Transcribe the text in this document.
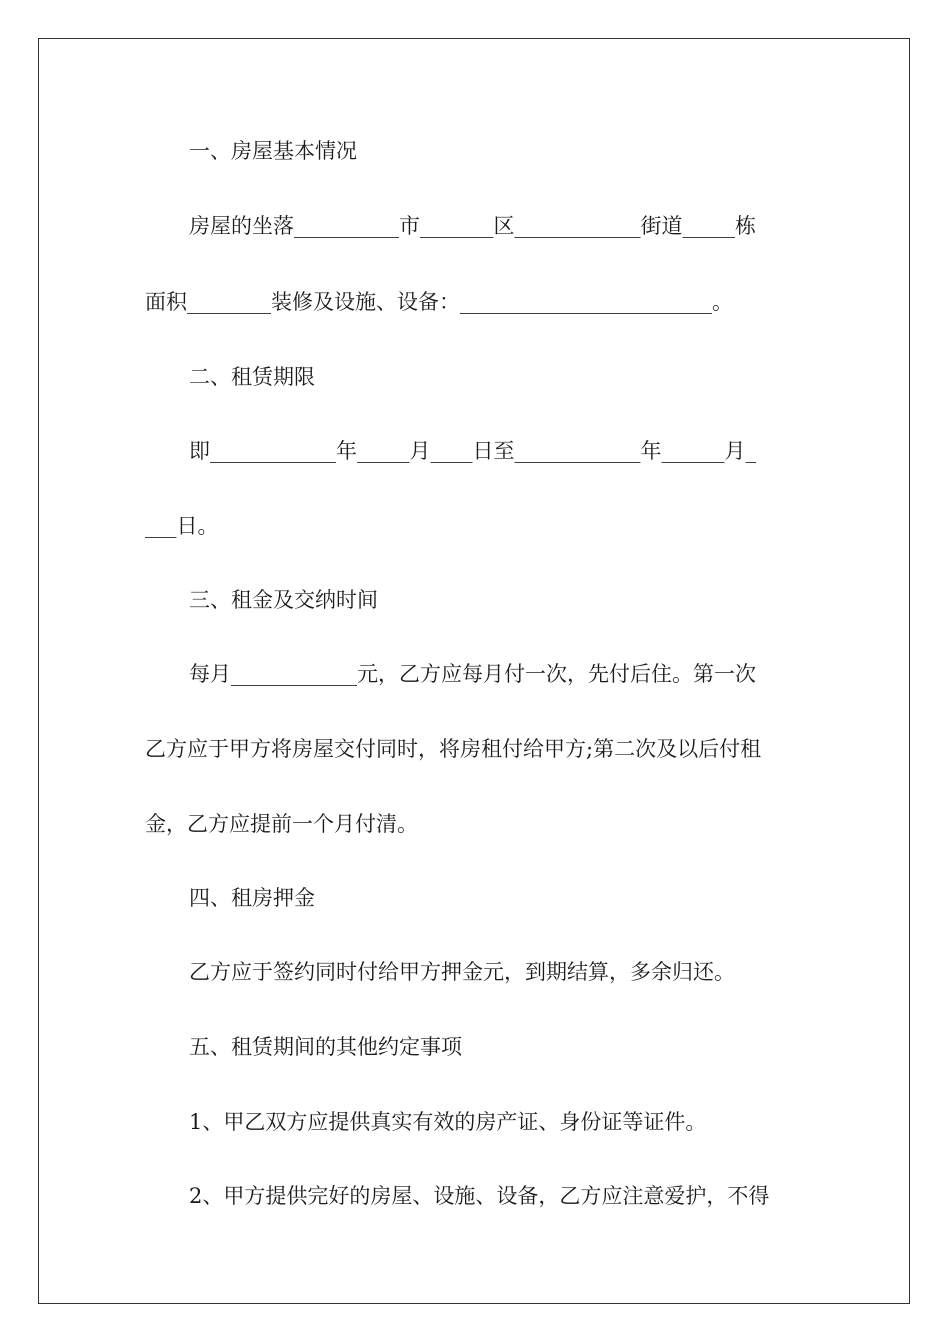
一、房屋基本情况

房屋的坐落__________市_______区____________街道_____栋

面积________装修及设施、设备：________________________。

二、租赁期限

即____________年_____月____日至____________年______月_

___日。

三、租金及交纳时间

每月____________元，乙方应每月付一次，先付后住。第一次

乙方应于甲方将房屋交付同时，将房租付给甲方;第二次及以后付租

金，乙方应提前一个月付清。

四、租房押金

乙方应于签约同时付给甲方押金元，到期结算，多余归还。

五、租赁期间的其他约定事项

1、甲乙双方应提供真实有效的房产证、身份证等证件。

2、甲方提供完好的房屋、设施、设备，乙方应注意爱护，不得
